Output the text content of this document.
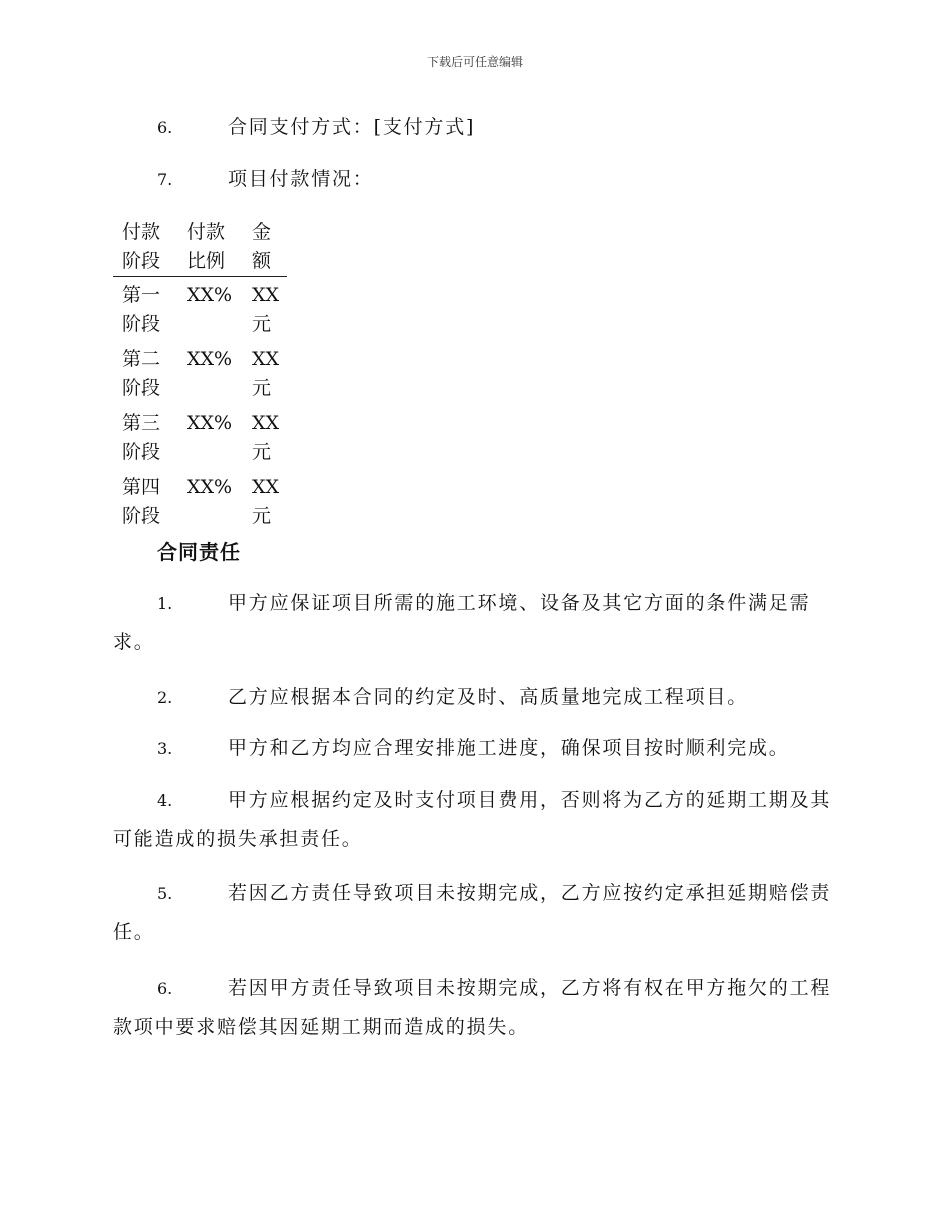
下载后可任意编辑
6.	合同支付方式：[支付方式]
7.	项目付款情况：
付款阶段	付款比例	金额
第一阶段	XX%	XX元
第二阶段	XX%	XX元
第三阶段	XX%	XX元
第四阶段	XX%	XX元
合同责任
1.	甲方应保证项目所需的施工环境、设备及其它方面的条件满足需求。
2.	乙方应根据本合同的约定及时、高质量地完成工程项目。
3.	甲方和乙方均应合理安排施工进度，确保项目按时顺利完成。
4.	甲方应根据约定及时支付项目费用，否则将为乙方的延期工期及其可能造成的损失承担责任。
5.	若因乙方责任导致项目未按期完成，乙方应按约定承担延期赔偿责任。
6.	若因甲方责任导致项目未按期完成，乙方将有权在甲方拖欠的工程款项中要求赔偿其因延期工期而造成的损失。
